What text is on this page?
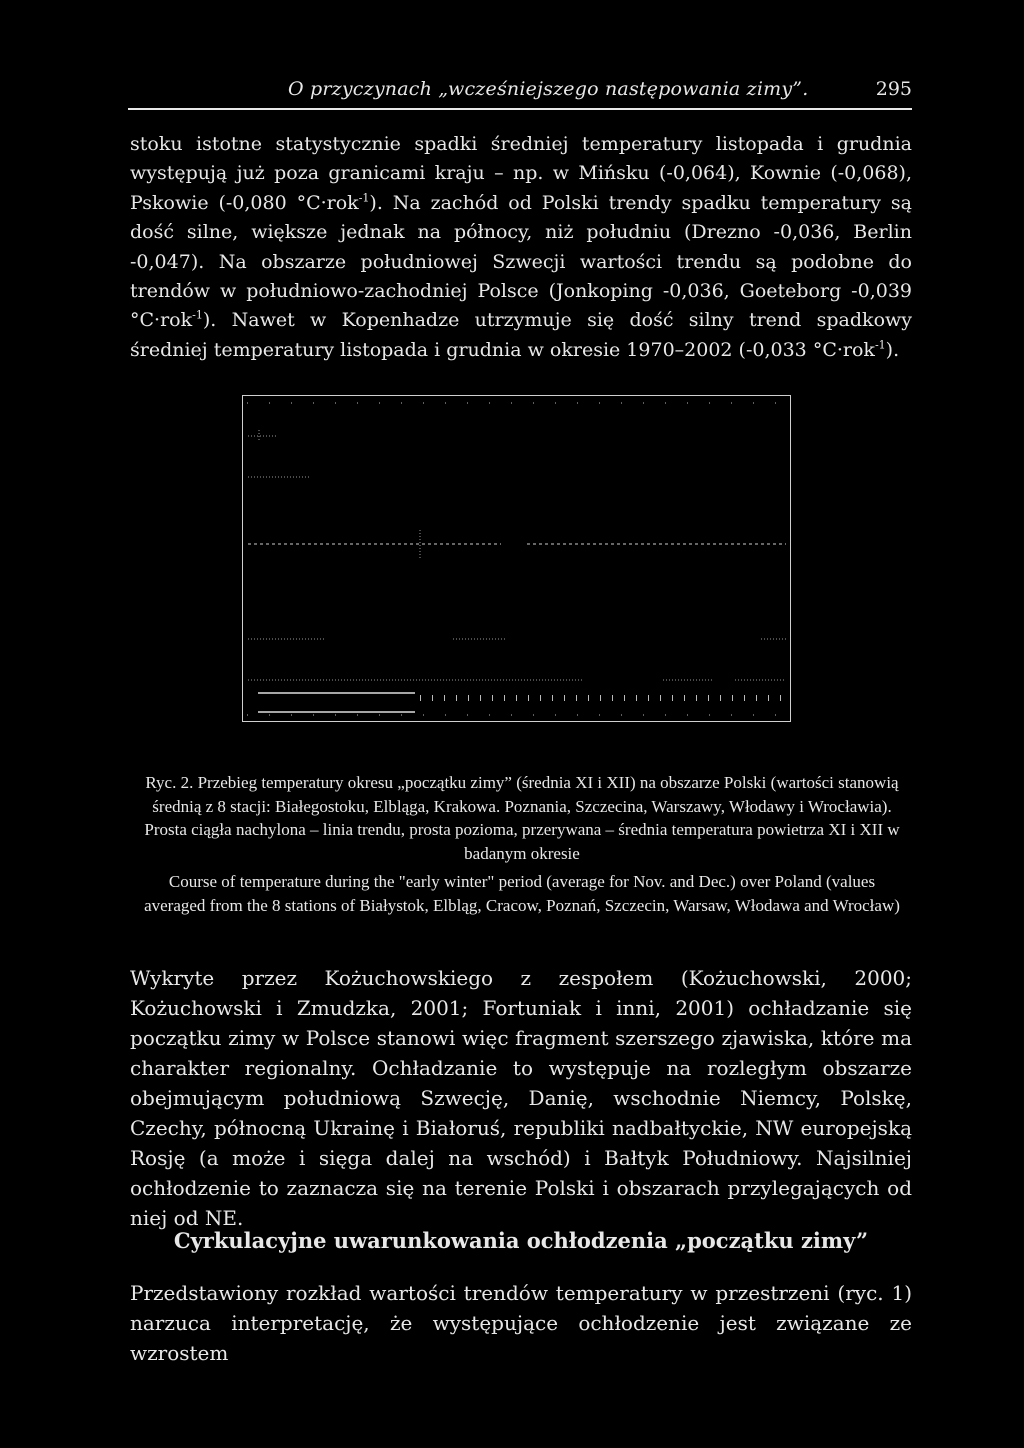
O przyczynach „wcześniejszego następowania zimy”.	295

stoku istotne statystycznie spadki średniej temperatury listopada i grudnia występują już poza granicami kraju – np. w Mińsku (-0,064), Kownie (-0,068), Pskowie (-0,080 °C·rok$^{-1}$). Na zachód od Polski trendy spadku temperatury są dość silne, większe jednak na północy, niż południu (Drezno -0,036, Berlin -0,047). Na obszarze południowej Szwecji wartości trendu są podobne do trendów w południowo-zachodniej Polsce (Jonkoping -0,036, Goeteborg -0,039 °C·rok$^{-1}$). Nawet w Kopenhadze utrzymuje się dość silny trend spadkowy średniej temperatury listopada i grudnia w okresie 1970–2002 (-0,033 °C·rok$^{-1}$).

Ryc. 2. Przebieg temperatury okresu „początku zimy” (średnia XI i XII) na obszarze Polski (wartości stanowią średnią z 8 stacji: Białegostoku, Elbląga, Krakowa. Poznania, Szczecina, Warszawy, Włodawy i Wrocławia). Prosta ciągła nachylona – linia trendu, prosta pozioma, przerywana – średnia temperatura powietrza XI i XII w badanym okresie

Course of temperature during the "early winter" period (average for Nov. and Dec.) over Poland (values averaged from the 8 stations of Białystok, Elbląg, Cracow, Poznań, Szczecin, Warsaw, Włodawa and Wrocław)

Wykryte przez Kożuchowskiego z zespołem (Kożuchowski, 2000; Kożuchowski i Zmudzka, 2001; Fortuniak i inni, 2001) ochładzanie się początku zimy w Polsce stanowi więc fragment szerszego zjawiska, które ma charakter regionalny. Ochładzanie to występuje na rozległym obszarze obejmującym południową Szwecję, Danię, wschodnie Niemcy, Polskę, Czechy, północną Ukrainę i Białoruś, republiki nadbałtyckie, NW europejską Rosję (a może i sięga dalej na wschód) i Bałtyk Południowy. Najsilniej ochłodzenie to zaznacza się na terenie Polski i obszarach przylegających od niej od NE.

Cyrkulacyjne uwarunkowania ochłodzenia „początku zimy”

Przedstawiony rozkład wartości trendów temperatury w przestrzeni (ryc. 1) narzuca interpretację, że występujące ochłodzenie jest związane ze wzrostem
